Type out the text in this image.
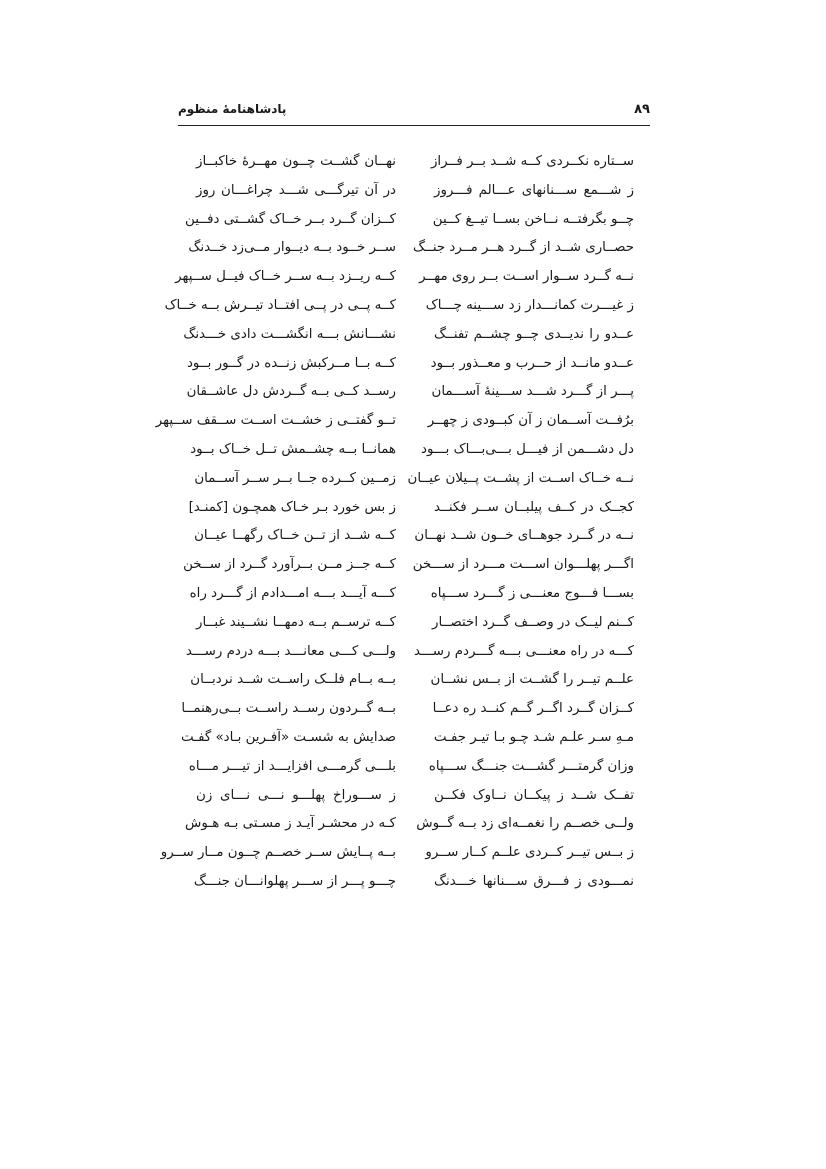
۸۹
پادشاهنامهٔ منظوم
ســتاره نکــردی کــه شــد بــر فــراز
نهــان گشــت چــون مهــرهٔ خاکبــاز
ز شـــمع ســـنانهای عـــالم فـــروز
در آن تیرگـــی شـــد چراغـــان روز
چــو بگرفتــه نــاخن بســا تیــغ کــین
کــزان گــرد بــر خــاک گشــتی دفــین
حصــاری شــد از گــرد هــر مــرد جنــگ
ســر خــود بــه دیــوار مــی‌زد خــدنگ
نــه گــرد ســوار اســت بــر روی مهــر
کــه ریــزد بــه ســر خــاک فیــل ســپهر
ز غیـــرت کمانـــدار زد ســـینه چـــاک
کــه پــی در پــی افتــاد تیــرش بــه خــاک
عــدو را ندیــدی چــو چشــم تفنــگ
نشـــانش بـــه انگشـــت دادی خـــدنگ
عــدو مانــد از حــرب و معــذور بــود
کــه بــا مــرکبش زنــده در گــور بــود
پـــر از گـــرد شـــد ســـینهٔ آســـمان
رســد کــی بــه گــردش دل عاشــقان
برُفــت آســمان ز آن کبــودی ز چهــر
تــو گفتــی ز خشــت اســت ســقف ســپهر
دل دشـــمن از فیـــل بـــی‌بـــاک بـــود
همانــا بــه چشــمش تــل خــاک بــود
نــه خــاک اســت از پشــت پــیلان عیــان
زمــین کــرده جــا بــر ســر آســمان
کجــک در کــف پیلبــان ســر فکنــد
ز بس خورد بـر خـاک همچـون [کمنـد]
نــه در گــرد جوهــای خــون شــد نهــان
کــه شــد از تــن خــاک رگهــا عیــان
اگـــر پهلـــوان اســـت مـــرد از ســـخن
کــه جــز مــن بــرآورد گــرد از ســخن
بســـا فـــوج معنـــی ز گـــرد ســـپاه
کـــه آیـــد بـــه امـــدادم از گـــرد راه
کــنم لیــک در وصــف گــرد اختصــار
کــه ترســم بــه دمهــا نشــیند غبــار
کـــه در راه معنـــی بـــه گـــردم رســـد
ولـــی کـــی معانـــد بـــه دردم رســـد
علــم تیــر را گشــت از بــس نشــان
بــه بــام فلــک راســت شــد نردبــان
کــزان گــرد اگــر گــم کنــد ره دعــا
بــه گــردون رســد راســت بــی‌رهنمــا
مـهِ سـر علـم شـد چـو بـا تیـر جفـت
صدایش به شسـت «آفـرین بـاد» گفـت
وزان گرمتـــر گشـــت جنـــگ ســـپاه
بلـــی گرمـــی افزایـــد از تیـــر مـــاه
تفــک شــد ز پیکــان نــاوک فکــن
ز ســـوراخ پهلـــو نـــی نـــای زن
ولــی خصــم را نغمــه‌ای زد بــه گــوش
کـه در محشـر آیـد ز مسـتی بـه هـوش
ز بــس تیــر کــردی علــم کــار ســرو
بــه پــایش ســر خصــم چــون مــار ســرو
نمـــودی ز فـــرق ســـنانها خـــدنگ
چـــو پـــر از ســـر پهلوانـــان جنـــگ
